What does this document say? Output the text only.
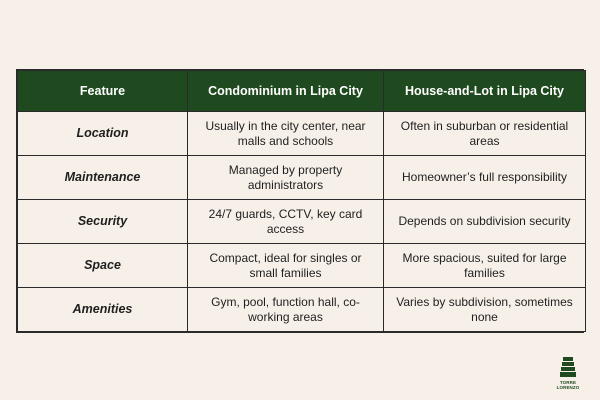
Feature	Condominium in Lipa City	House-and-Lot in Lipa City
Location	Usually in the city center, near malls and schools	Often in suburban or residential areas
Maintenance	Managed by property administrators	Homeowner’s full responsibility
Security	24/7 guards, CCTV, key card access	Depends on subdivision security
Space	Compact, ideal for singles or small families	More spacious, suited for large families
Amenities	Gym, pool, function hall, co-working areas	Varies by subdivision, sometimes none
TORRE
LORENZO
